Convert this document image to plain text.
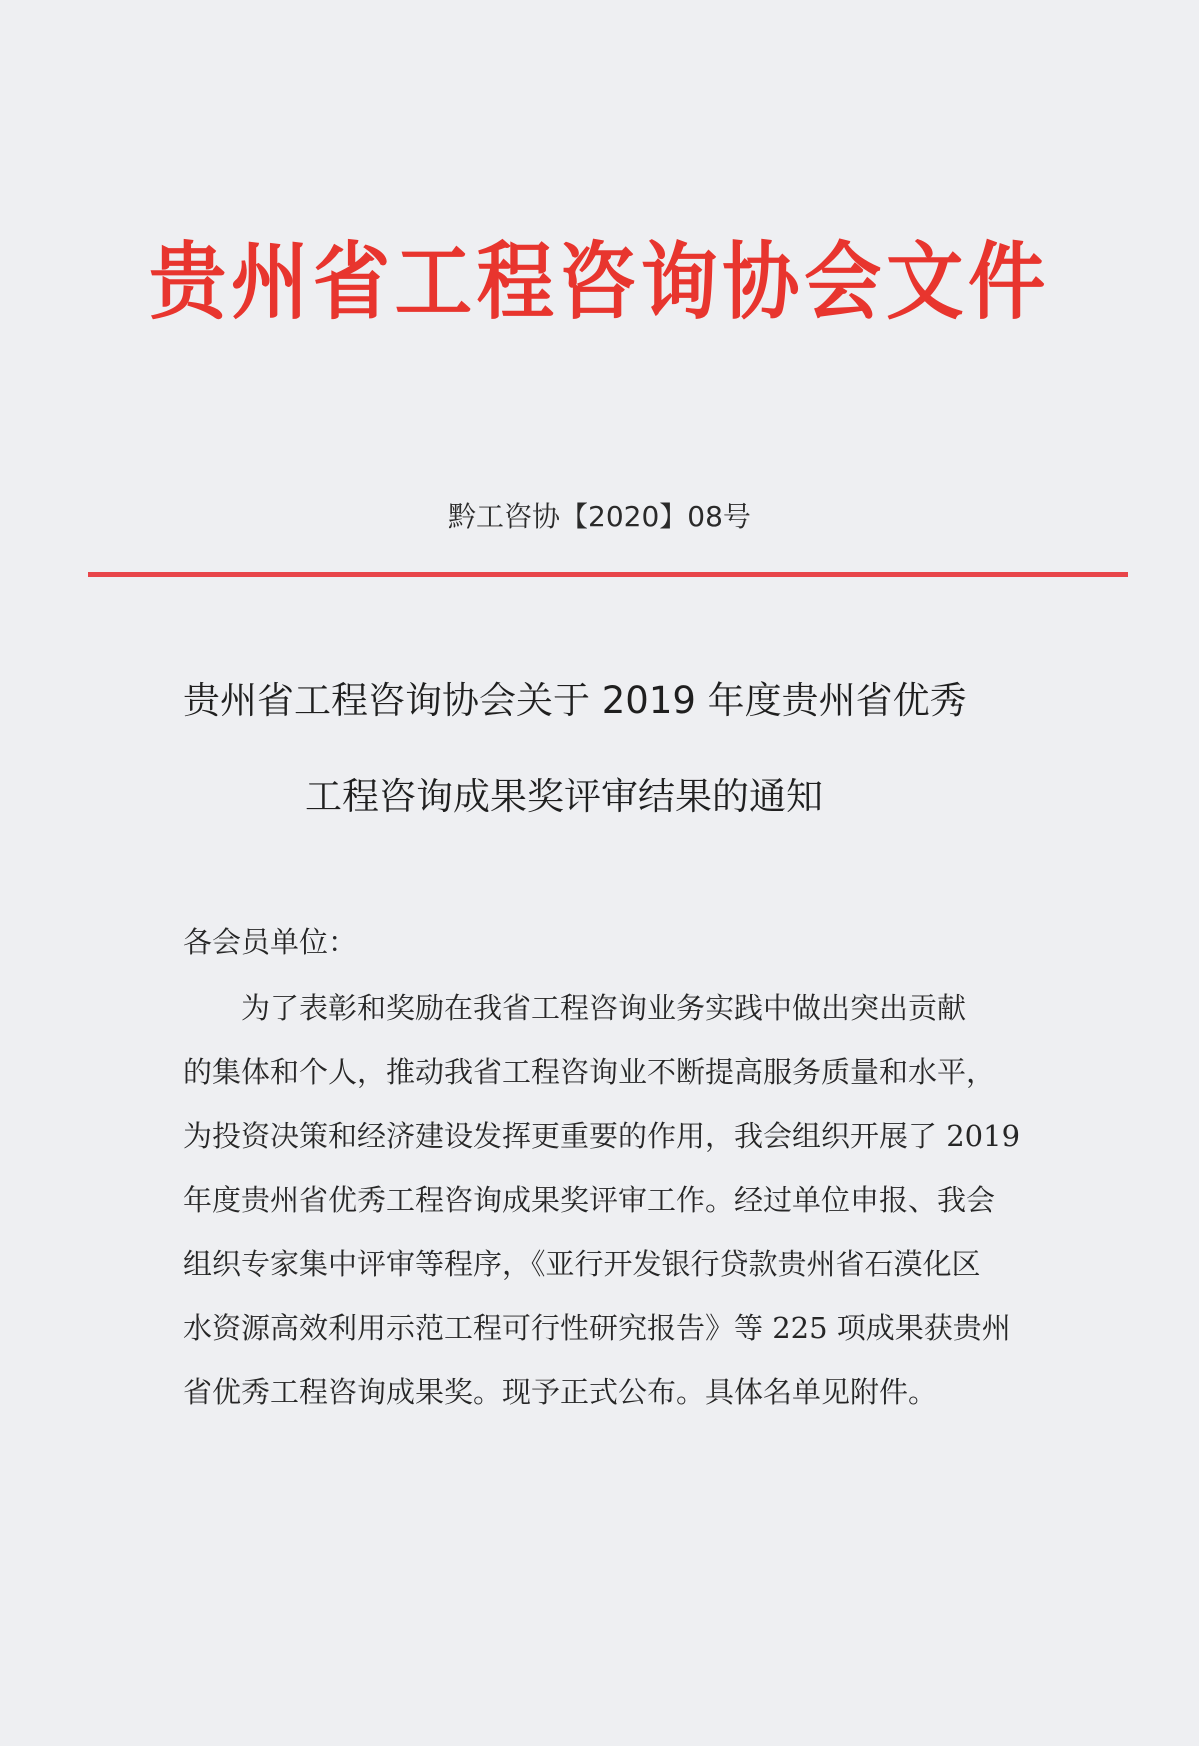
贵州省工程咨询协会文件
黔工咨协【2020】08号
贵州省工程咨询协会关于 2019 年度贵州省优秀
工程咨询成果奖评审结果的通知
各会员单位：
　　为了表彰和奖励在我省工程咨询业务实践中做出突出贡献
的集体和个人，推动我省工程咨询业不断提高服务质量和水平，
为投资决策和经济建设发挥更重要的作用，我会组织开展了 2019
年度贵州省优秀工程咨询成果奖评审工作。经过单位申报、我会
组织专家集中评审等程序，《亚行开发银行贷款贵州省石漠化区
水资源高效利用示范工程可行性研究报告》等 225 项成果获贵州
省优秀工程咨询成果奖。现予正式公布。具体名单见附件。
